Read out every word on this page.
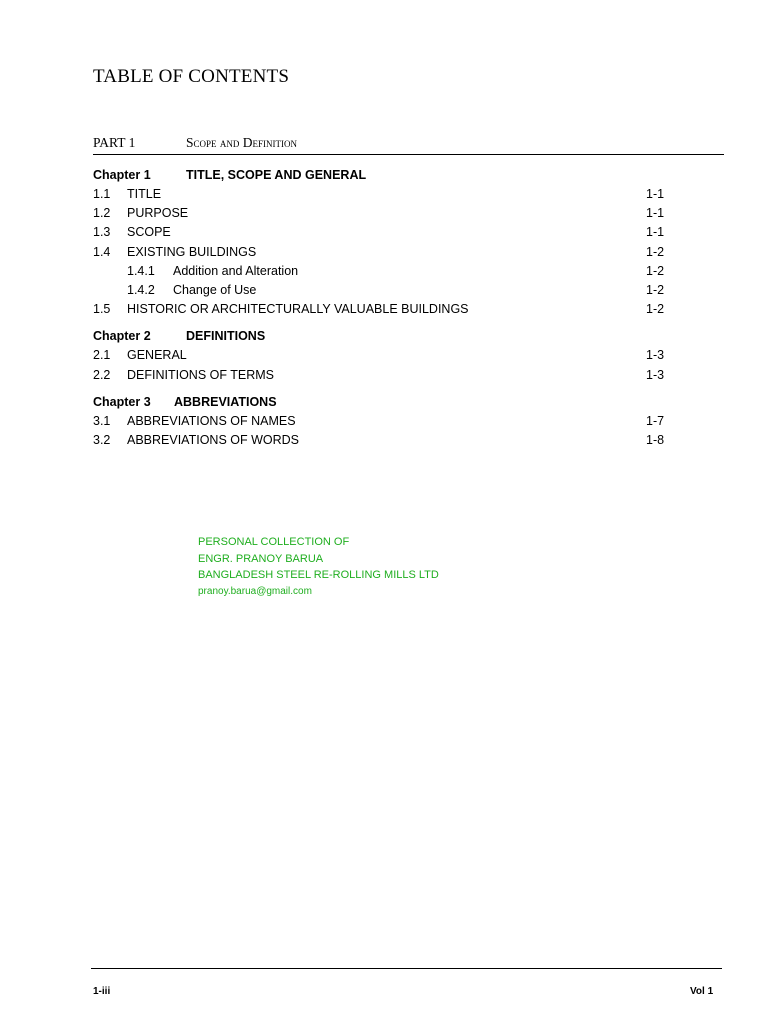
TABLE OF CONTENTS
PART 1	Scope and Definition
Chapter 1	TITLE, SCOPE AND GENERAL
1.1 TITLE	1-1
1.2 PURPOSE	1-1
1.3 SCOPE	1-1
1.4 EXISTING BUILDINGS	1-2
1.4.1 Addition and Alteration	1-2
1.4.2 Change of Use	1-2
1.5 HISTORIC OR ARCHITECTURALLY VALUABLE BUILDINGS	1-2
Chapter 2	DEFINITIONS
2.1 GENERAL	1-3
2.2 DEFINITIONS OF TERMS	1-3
Chapter 3 ABBREVIATIONS
3.1 ABBREVIATIONS OF NAMES	1-7
3.2 ABBREVIATIONS OF WORDS	1-8
PERSONAL COLLECTION OF
ENGR. PRANOY BARUA
BANGLADESH STEEL RE-ROLLING MILLS LTD
pranoy.barua@gmail.com
1-iii	Vol 1
